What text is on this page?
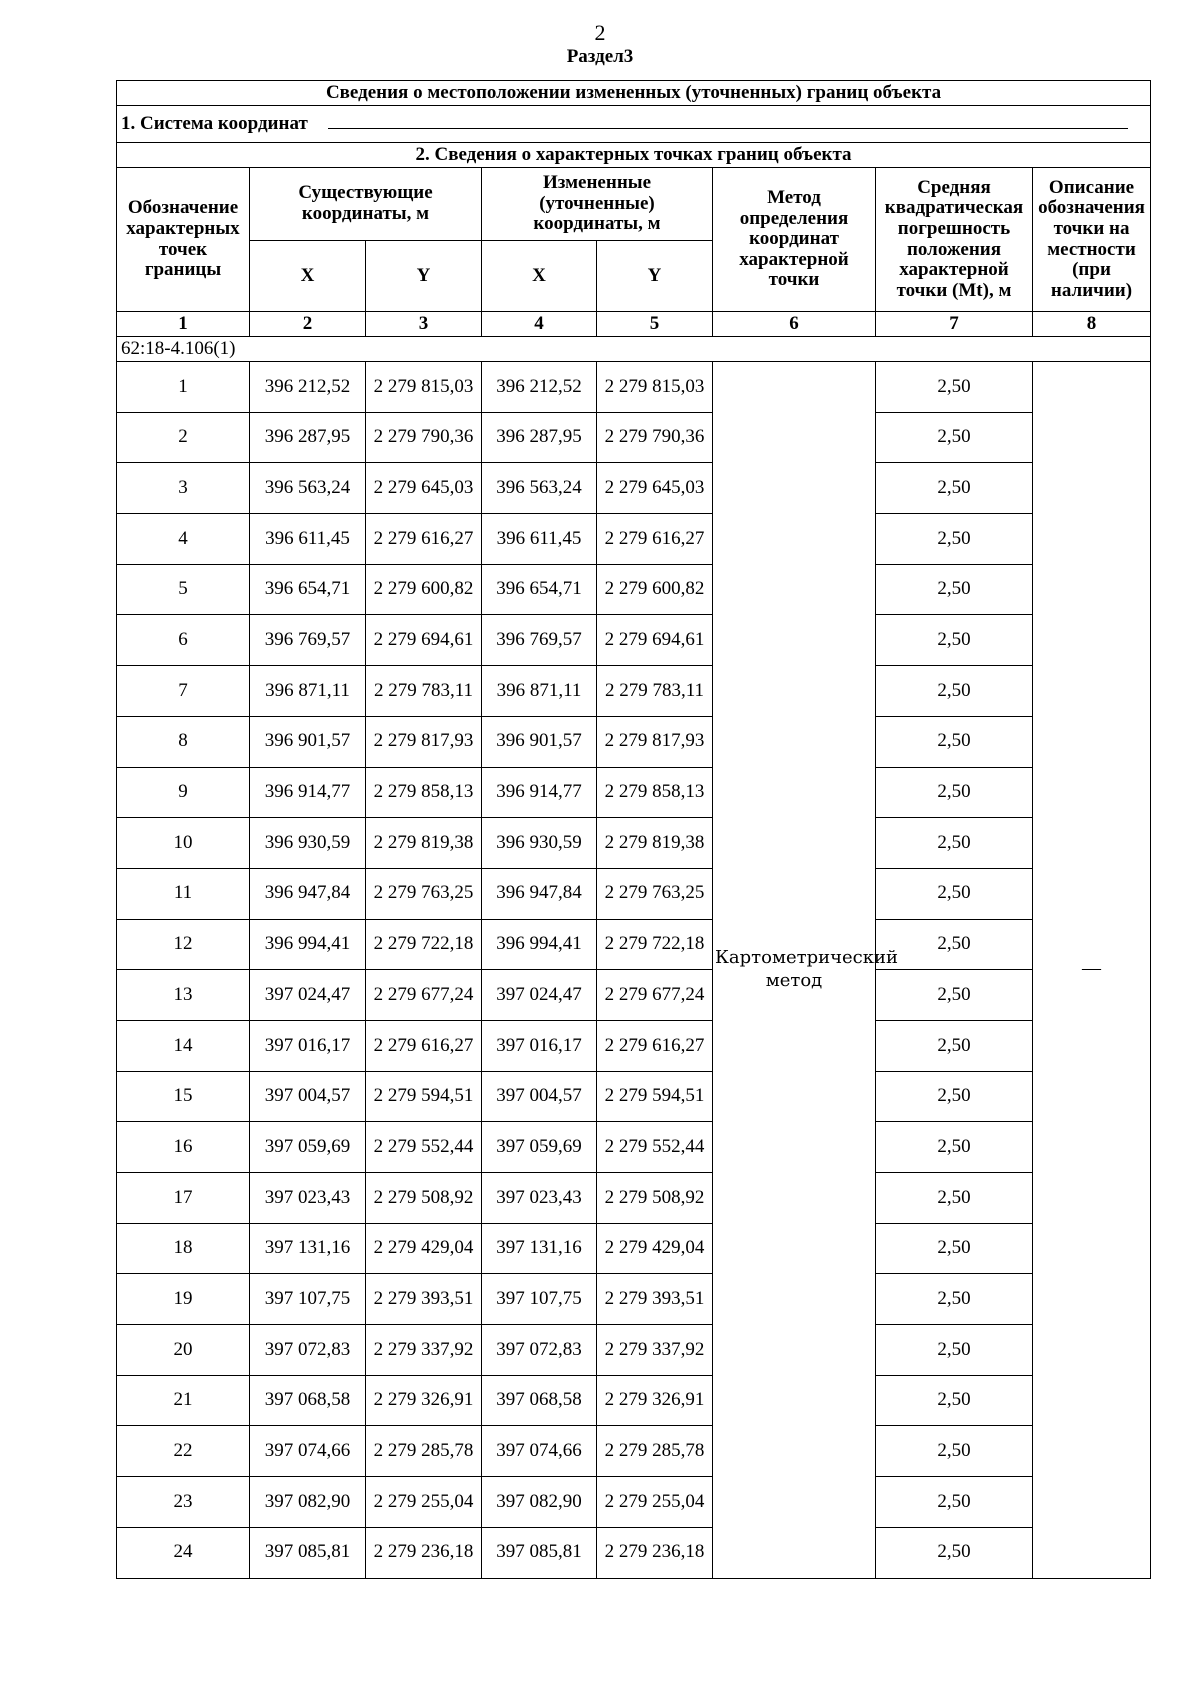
2
Раздел3
Сведения о местоположении измененных (уточненных) границ объекта							
1. Система координат							
2. Сведения о характерных точках границ объекта							
Обозначение характерных точек границы	Существующие координаты, м		Измененные (уточненные) координаты, м		Метод определения координат характерной точки	Средняя квадратическая погрешность положения характерной точки (Mt), м	Описание обозначения точки на местности (при наличии)
	X	Y	X	Y			
1	2	3	4	5	6	7	8
62:18-4.106(1)							
1	396 212,52	2 279 815,03	396 212,52	2 279 815,03	Картометрический метод	2,50	—
2	396 287,95	2 279 790,36	396 287,95	2 279 790,36		2,50	
3	396 563,24	2 279 645,03	396 563,24	2 279 645,03		2,50	
4	396 611,45	2 279 616,27	396 611,45	2 279 616,27		2,50	
5	396 654,71	2 279 600,82	396 654,71	2 279 600,82		2,50	
6	396 769,57	2 279 694,61	396 769,57	2 279 694,61		2,50	
7	396 871,11	2 279 783,11	396 871,11	2 279 783,11		2,50	
8	396 901,57	2 279 817,93	396 901,57	2 279 817,93		2,50	
9	396 914,77	2 279 858,13	396 914,77	2 279 858,13		2,50	
10	396 930,59	2 279 819,38	396 930,59	2 279 819,38		2,50	
11	396 947,84	2 279 763,25	396 947,84	2 279 763,25		2,50	
12	396 994,41	2 279 722,18	396 994,41	2 279 722,18		2,50	
13	397 024,47	2 279 677,24	397 024,47	2 279 677,24		2,50	
14	397 016,17	2 279 616,27	397 016,17	2 279 616,27		2,50	
15	397 004,57	2 279 594,51	397 004,57	2 279 594,51		2,50	
16	397 059,69	2 279 552,44	397 059,69	2 279 552,44		2,50	
17	397 023,43	2 279 508,92	397 023,43	2 279 508,92		2,50	
18	397 131,16	2 279 429,04	397 131,16	2 279 429,04		2,50	
19	397 107,75	2 279 393,51	397 107,75	2 279 393,51		2,50	
20	397 072,83	2 279 337,92	397 072,83	2 279 337,92		2,50	
21	397 068,58	2 279 326,91	397 068,58	2 279 326,91		2,50	
22	397 074,66	2 279 285,78	397 074,66	2 279 285,78		2,50	
23	397 082,90	2 279 255,04	397 082,90	2 279 255,04		2,50	
24	397 085,81	2 279 236,18	397 085,81	2 279 236,18		2,50	
